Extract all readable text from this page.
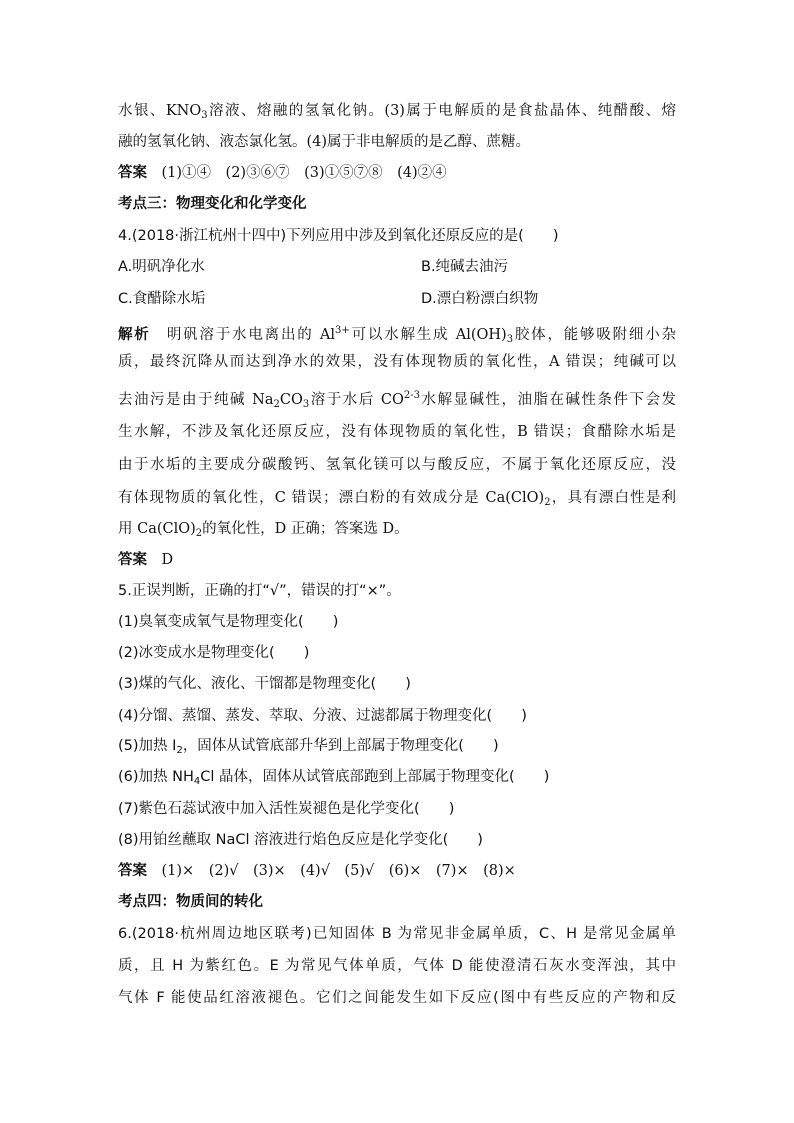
水银、$KNO_3$溶液、熔融的氢氧化钠。(3)属于电解质的是食盐晶体、纯醋酸、熔
融的氢氧化钠、液态氯化氢。(4)属于非电解质的是乙醇、蔗糖。
答案　 (1)①④　(2)③⑥⑦　(3)①⑤⑦⑧　(4)②④
考点三：物理变化和化学变化
4.(2018·浙江杭州十四中)下列应用中涉及到氧化还原反应的是(　　)
A.明矾净化水	B.纯碱去油污
C.食醋除水垢	D.漂白粉漂白织物
解析　 明矾溶于水电离出的 $Al^{3+}$可以水解生成 $Al(OH)_3$胶体，能够吸附细小杂
质，最终沉降从而达到净水的效果，没有体现物质的氧化性，A 错误；纯碱可以
去油污是由于纯碱 $Na_2CO_3$溶于水后 CO$^{2-3}$水解显碱性，油脂在碱性条件下会发
生水解，不涉及氧化还原反应，没有体现物质的氧化性，B 错误；食醋除水垢是
由于水垢的主要成分碳酸钙、氢氧化镁可以与酸反应，不属于氧化还原反应，没
有体现物质的氧化性，C 错误；漂白粉的有效成分是 $Ca(ClO)_2$，具有漂白性是利
用 $Ca(ClO)_2$的氧化性，D 正确；答案选 D。
答案　 D
5.正误判断，正确的打“√”，错误的打“×”。
(1)臭氧变成氧气是物理变化(　　)
(2)冰变成水是物理变化(　　)
(3)煤的气化、液化、干馏都是物理变化(　　)
(4)分馏、蒸馏、蒸发、萃取、分液、过滤都属于物理变化(　　)
(5)加热 $I_2$，固体从试管底部升华到上部属于物理变化(　　)
(6)加热 $NH_4Cl$ 晶体，固体从试管底部跑到上部属于物理变化(　　)
(7)紫色石蕊试液中加入活性炭褪色是化学变化(　　)
(8)用铂丝蘸取 NaCl 溶液进行焰色反应是化学变化(　　)
答案　 (1)×　(2)√　(3)×　(4)√　(5)√　(6)×　(7)×　(8)×
考点四：物质间的转化
6.(2018·杭州周边地区联考)已知固体 B 为常见非金属单质，C、H 是常见金属单
质，且 H 为紫红色。E 为常见气体单质，气体 D 能使澄清石灰水变浑浊，其中
气体 F 能使品红溶液褪色。它们之间能发生如下反应(图中有些反应的产物和反
